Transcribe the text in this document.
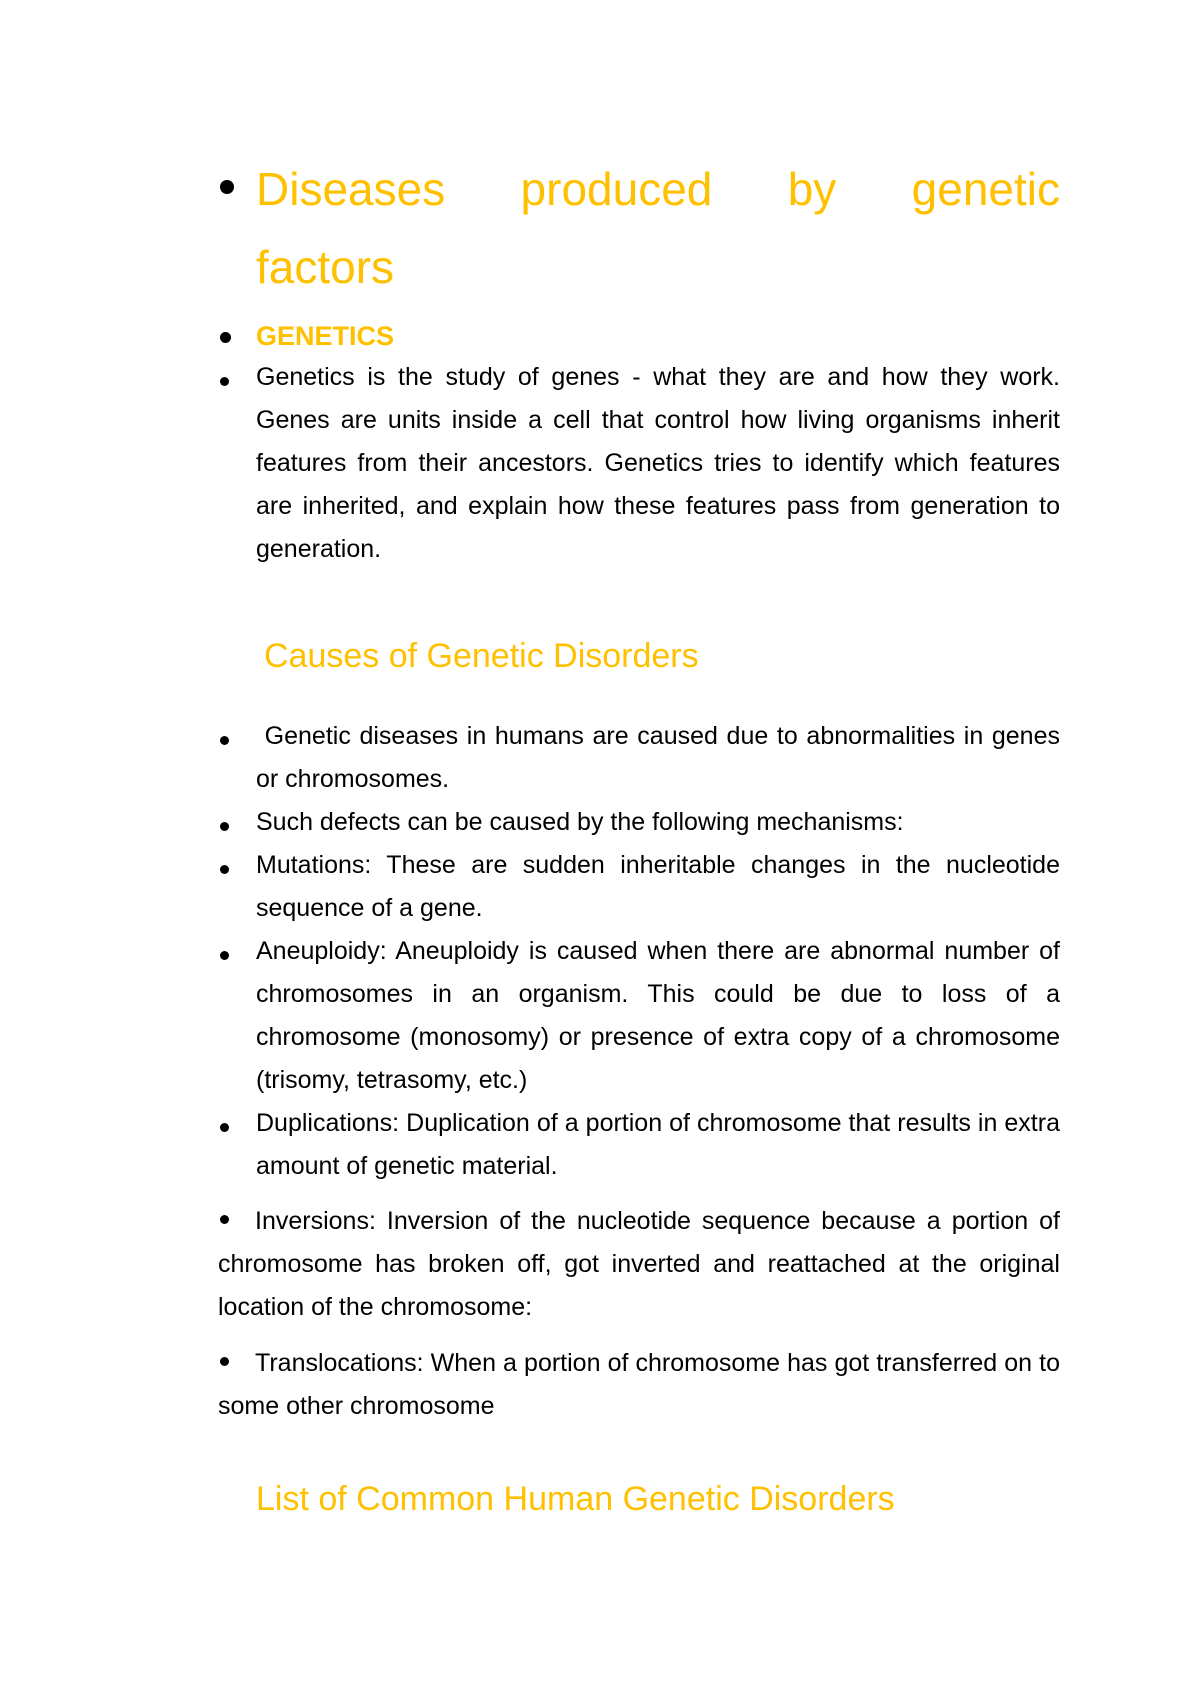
Diseases produced by genetic
factors
GENETICS
Genetics is the study of genes - what they are and how they work. Genes are units inside a cell that control how living organisms inherit features from their ancestors. Genetics tries to identify which features are inherited, and explain how these features pass from generation to generation.
Causes of Genetic Disorders
Genetic diseases in humans are caused due to abnormalities in genes or chromosomes.
Such defects can be caused by the following mechanisms:
Mutations: These are sudden inheritable changes in the nucleotide sequence of a gene.
Aneuploidy: Aneuploidy is caused when there are abnormal number of chromosomes in an organism. This could be due to loss of a chromosome (monosomy) or presence of extra copy of a chromosome (trisomy, tetrasomy, etc.)
Duplications: Duplication of a portion of chromosome that results in extra amount of genetic material.
Inversions: Inversion of the nucleotide sequence because a portion of chromosome has broken off, got inverted and reattached at the original location of the chromosome:
Translocations: When a portion of chromosome has got transferred on to some other chromosome
List of Common Human Genetic Disorders
